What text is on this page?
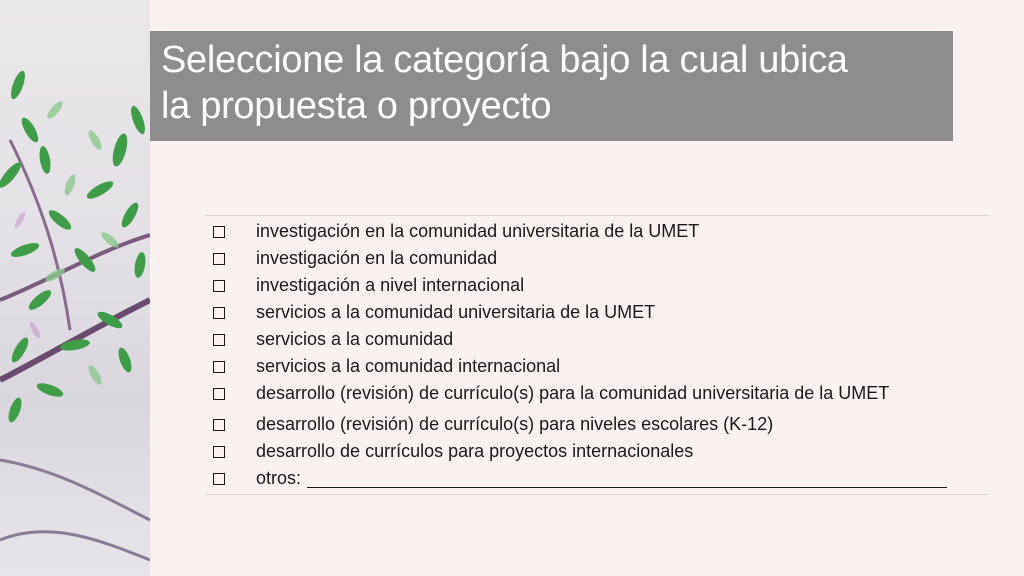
Seleccione la categoría bajo la cual ubica
la propuesta o proyecto
investigación en la comunidad universitaria de la UMET
investigación en la comunidad
investigación a nivel internacional
servicios a la comunidad universitaria de la UMET
servicios a la comunidad
servicios a la comunidad internacional
desarrollo (revisión) de currículo(s) para la comunidad universitaria de la UMET
desarrollo (revisión) de currículo(s) para niveles escolares (K-12)
desarrollo de currículos para proyectos internacionales
otros:
